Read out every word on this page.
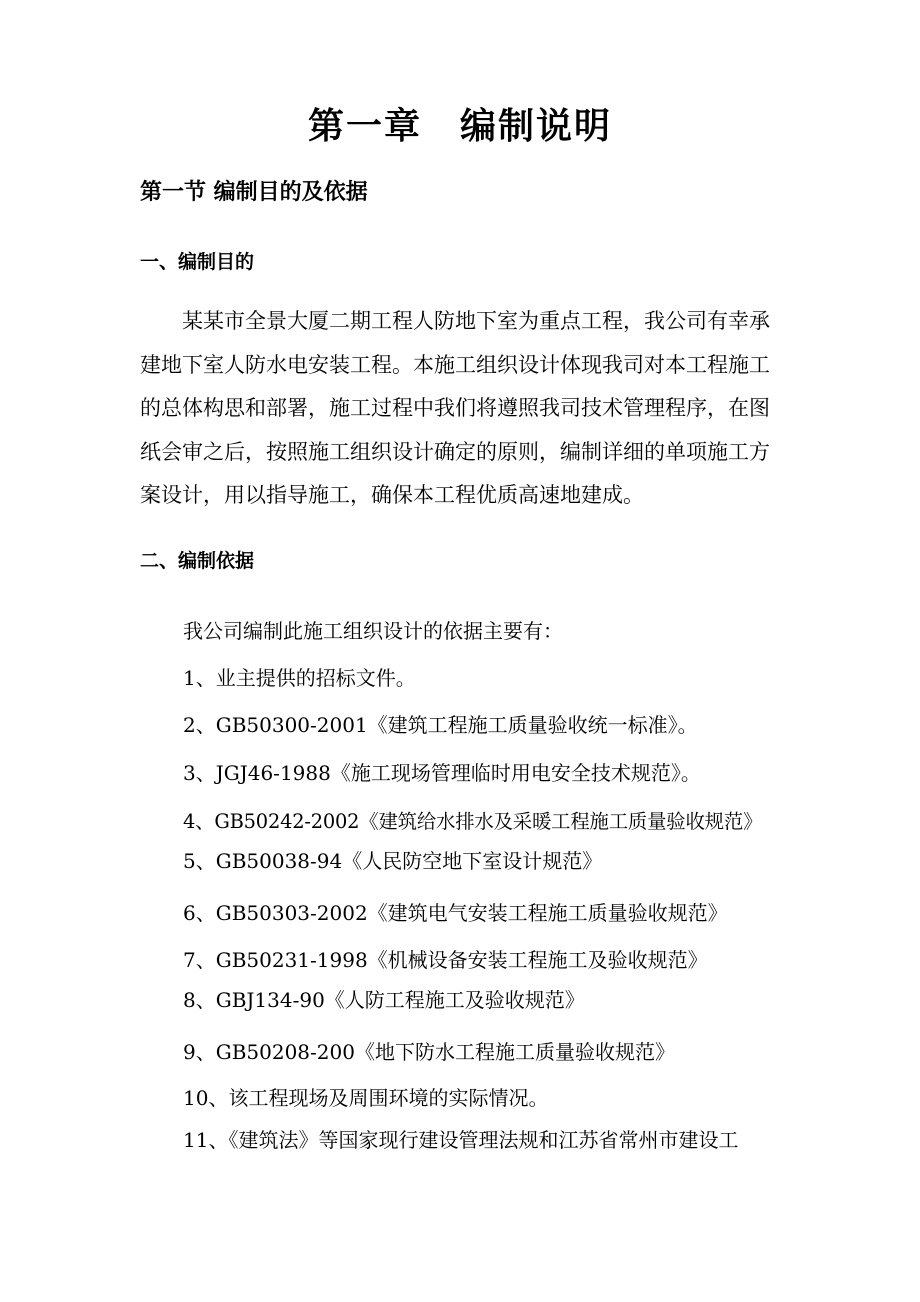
第一章　编制说明
第一节 编制目的及依据
一、编制目的
某某市全景大厦二期工程人防地下室为重点工程，我公司有幸承建地下室人防水电安装工程。本施工组织设计体现我司对本工程施工的总体构思和部署，施工过程中我们将遵照我司技术管理程序，在图纸会审之后，按照施工组织设计确定的原则，编制详细的单项施工方案设计，用以指导施工，确保本工程优质高速地建成。
二、编制依据
我公司编制此施工组织设计的依据主要有：
1、业主提供的招标文件。
2、GB50300-2001《建筑工程施工质量验收统一标准》。
3、JGJ46-1988《施工现场管理临时用电安全技术规范》。
4、GB50242-2002《建筑给水排水及采暖工程施工质量验收规范》
5、GB50038-94《人民防空地下室设计规范》
6、GB50303-2002《建筑电气安装工程施工质量验收规范》
7、GB50231-1998《机械设备安装工程施工及验收规范》
8、GBJ134-90《人防工程施工及验收规范》
9、GB50208-200《地下防水工程施工质量验收规范》
10、该工程现场及周围环境的实际情况。
11、《建筑法》等国家现行建设管理法规和江苏省常州市建设工
